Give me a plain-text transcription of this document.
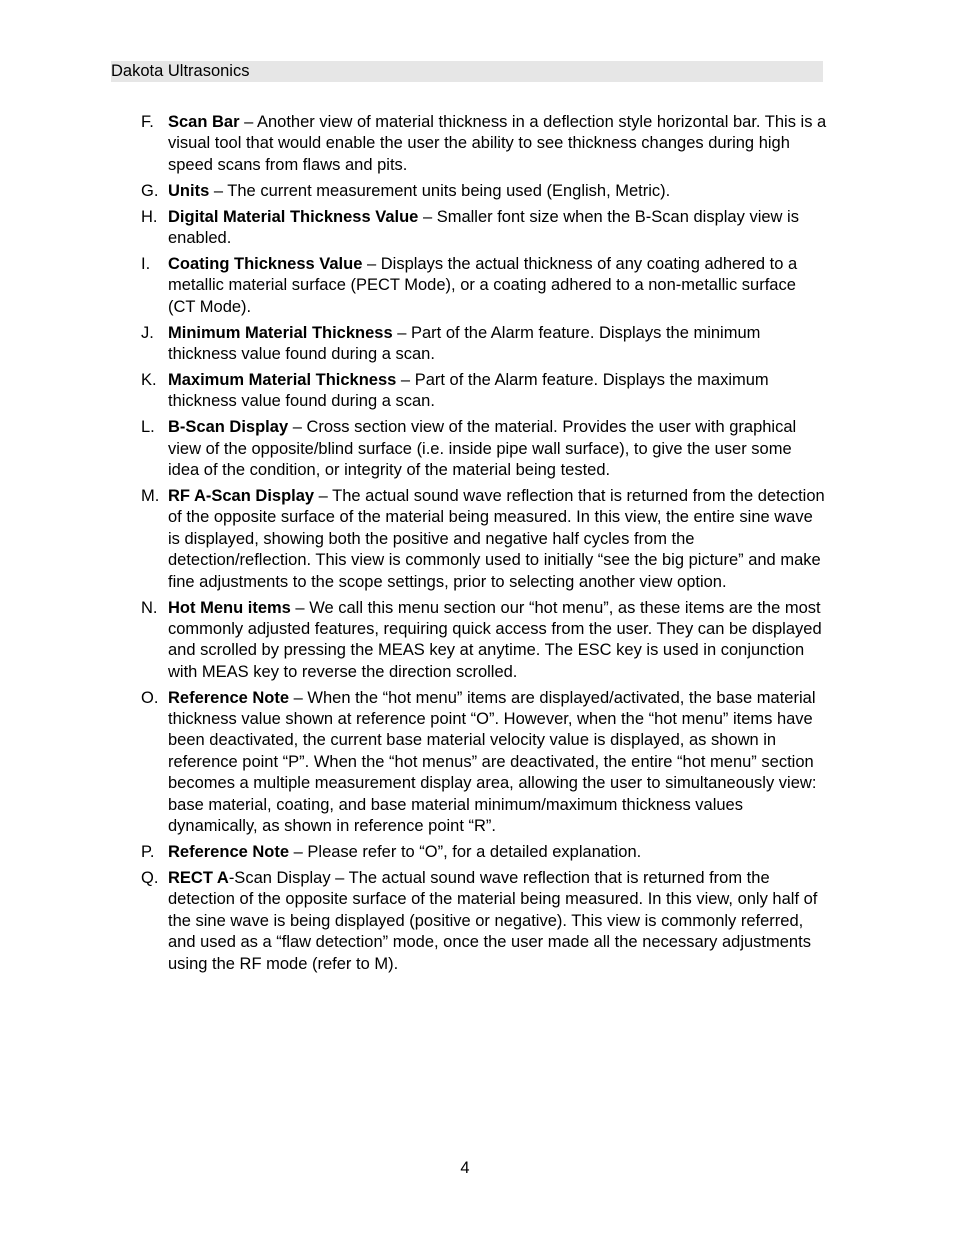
Dakota Ultrasonics
F. Scan Bar – Another view of material thickness in a deflection style horizontal bar. This is a visual tool that would enable the user the ability to see thickness changes during high speed scans from flaws and pits.
G. Units – The current measurement units being used (English, Metric).
H. Digital Material Thickness Value – Smaller font size when the B-Scan display view is enabled.
I. Coating Thickness Value – Displays the actual thickness of any coating adhered to a metallic material surface (PECT Mode), or a coating adhered to a non-metallic surface (CT Mode).
J. Minimum Material Thickness – Part of the Alarm feature. Displays the minimum thickness value found during a scan.
K. Maximum Material Thickness – Part of the Alarm feature. Displays the maximum thickness value found during a scan.
L. B-Scan Display – Cross section view of the material. Provides the user with graphical view of the opposite/blind surface (i.e. inside pipe wall surface), to give the user some idea of the condition, or integrity of the material being tested.
M. RF A-Scan Display – The actual sound wave reflection that is returned from the detection of the opposite surface of the material being measured. In this view, the entire sine wave is displayed, showing both the positive and negative half cycles from the detection/reflection. This view is commonly used to initially “see the big picture” and make fine adjustments to the scope settings, prior to selecting another view option.
N. Hot Menu items – We call this menu section our “hot menu”, as these items are the most commonly adjusted features, requiring quick access from the user. They can be displayed and scrolled by pressing the MEAS key at anytime. The ESC key is used in conjunction with MEAS key to reverse the direction scrolled.
O. Reference Note – When the “hot menu” items are displayed/activated, the base material thickness value shown at reference point “O”. However, when the “hot menu” items have been deactivated, the current base material velocity value is displayed, as shown in reference point “P”. When the “hot menus” are deactivated, the entire “hot menu” section becomes a multiple measurement display area, allowing the user to simultaneously view: base material, coating, and base material minimum/maximum thickness values dynamically, as shown in reference point “R”.
P. Reference Note – Please refer to “O”, for a detailed explanation.
Q. RECT A-Scan Display – The actual sound wave reflection that is returned from the detection of the opposite surface of the material being measured. In this view, only half of the sine wave is being displayed (positive or negative). This view is commonly referred, and used as a “flaw detection” mode, once the user made all the necessary adjustments using the RF mode (refer to M).
4
